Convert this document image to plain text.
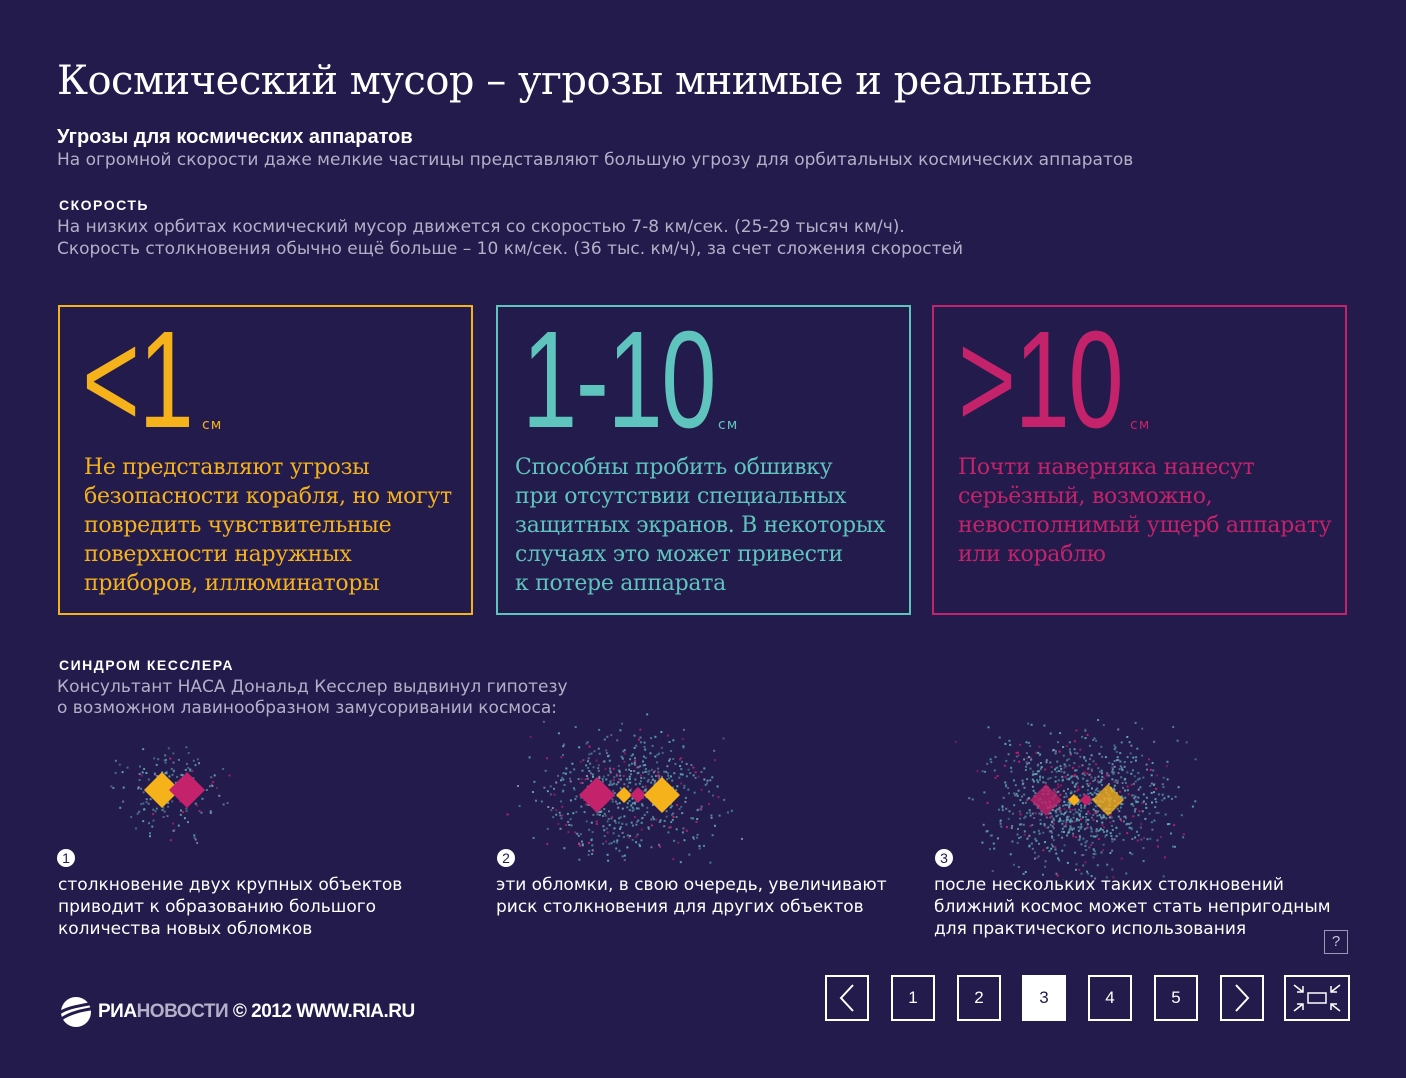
Космический мусор – угрозы мнимые и реальные
Угрозы для космических аппаратов
На огромной скорости даже мелкие частицы представляют большую угрозу для орбитальных космических аппаратов
СКОРОСТЬ
На низких орбитах космический мусор движется со скоростью 7-8 км/сек. (25-29 тысяч км/ч).
Скорость столкновения обычно ещё больше – 10 км/сек. (36 тыс. км/ч), за счет сложения скоростей
<1 см
Не представляют угрозы
безопасности корабля, но могут
повредить чувствительные
поверхности наружных
приборов, иллюминаторы
1-10 см
Способны пробить обшивку
при отсутствии специальных
защитных экранов. В некоторых
случаях это может привести
к потере аппарата
>10 см
Почти наверняка нанесут
серьёзный, возможно,
невосполнимый ущерб аппарату
или кораблю
СИНДРОМ КЕССЛЕРА
Консультант НАСА Дональд Кесслер выдвинул гипотезу
о возможном лавинообразном замусоривании космоса:
1
столкновение двух крупных объектов
приводит к образованию большого
количества новых обломков
2
эти обломки, в свою очередь, увеличивают
риск столкновения для других объектов
3
после нескольких таких столкновений
ближний космос может стать непригодным
для практического использования
?
РИАНОВОСТИ © 2012 WWW.RIA.RU
1	2	3	4	5
